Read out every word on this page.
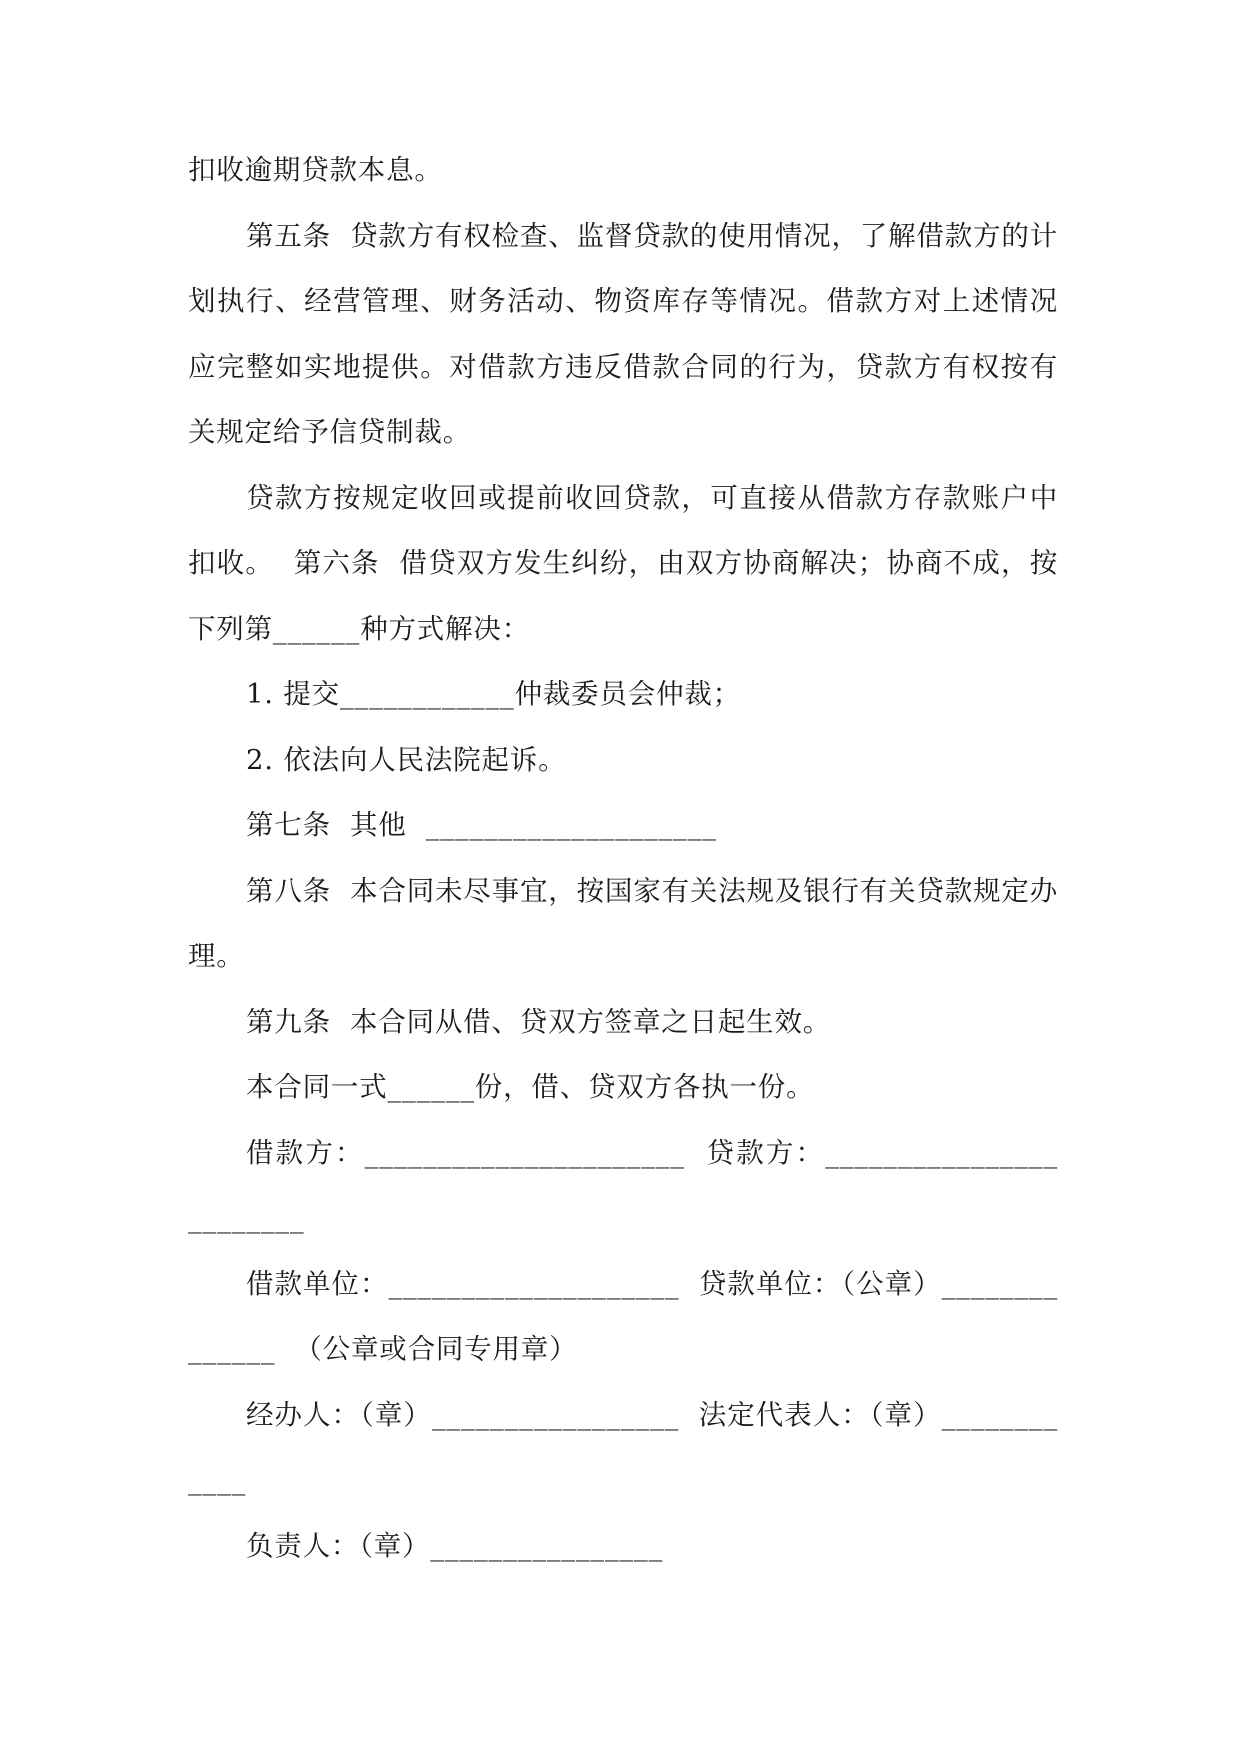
扣收逾期贷款本息。

第五条  贷款方有权检查、监督贷款的使用情况，了解借款方的计划执行、经营管理、财务活动、物资库存等情况。借款方对上述情况应完整如实地提供。对借款方违反借款合同的行为，贷款方有权按有关规定给予信贷制裁。

贷款方按规定收回或提前收回贷款，可直接从借款方存款账户中扣收。  第六条  借贷双方发生纠纷，由双方协商解决；协商不成，按下列第______种方式解决：

1. 提交____________仲裁委员会仲裁；

2. 依法向人民法院起诉。

第七条  其他  ____________________

第八条  本合同未尽事宜，按国家有关法规及银行有关贷款规定办理。

第九条  本合同从借、贷双方签章之日起生效。

本合同一式______份，借、贷双方各执一份。

借款方：______________________  贷款方：________________________

借款单位：____________________  贷款单位：（公章）______________  （公章或合同专用章）

经办人：（章）_________________  法定代表人：（章）____________

负责人：（章）________________
